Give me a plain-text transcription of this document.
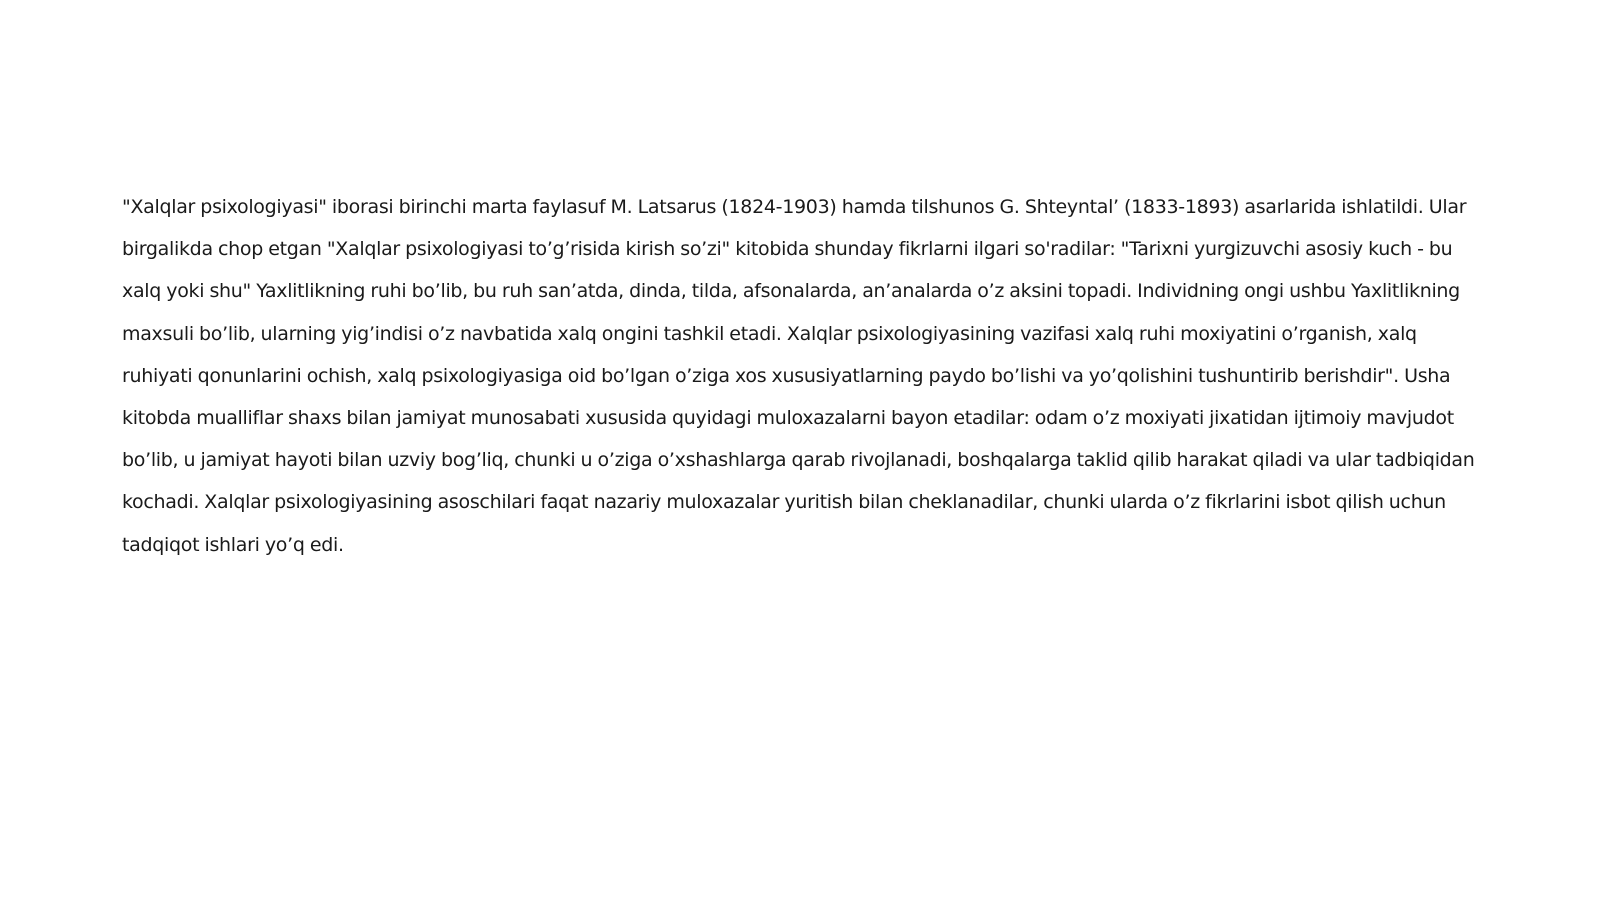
"Xalqlar psixologiyasi" iborasi birinchi marta faylasuf M. Latsarus (1824-1903) hamda tilshunos G. Shteyntal’ (1833-1893) asarlarida ishlatildi. Ular birgalikda chop etgan "Xalqlar psixologiyasi to’g’risida kirish so’zi" kitobida shunday fikrlarni ilgari so'radilar: "Tarixni yurgizuvchi asosiy kuch - bu xalq yoki shu" Yaxlitlikning ruhi bo’lib, bu ruh san’atda, dinda, tilda, afsonalarda, an’analarda o’z aksini topadi. Individning ongi ushbu Yaxlitlikning maxsuli bo’lib, ularning yig’indisi o’z navbatida xalq ongini tashkil etadi. Xalqlar psixologiyasining vazifasi xalq ruhi moxiyatini o’rganish, xalq ruhiyati qonunlarini ochish, xalq psixologiyasiga oid bo’lgan o’ziga xos xususiyatlarning paydo bo’lishi va yo’qolishini tushuntirib berishdir". Usha kitobda mualliflar shaxs bilan jamiyat munosabati xususida quyidagi muloxazalarni bayon etadilar: odam o’z moxiyati jixatidan ijtimoiy mavjudot bo’lib, u jamiyat hayoti bilan uzviy bog’liq, chunki u o’ziga o’xshashlarga qarab rivojlanadi, boshqalarga taklid qilib harakat qiladi va ular tadbiqidan kochadi. Xalqlar psixologiyasining asoschilari faqat nazariy muloxazalar yuritish bilan cheklanadilar, chunki ularda o’z fikrlarini isbot qilish uchun tadqiqot ishlari yo’q edi.
